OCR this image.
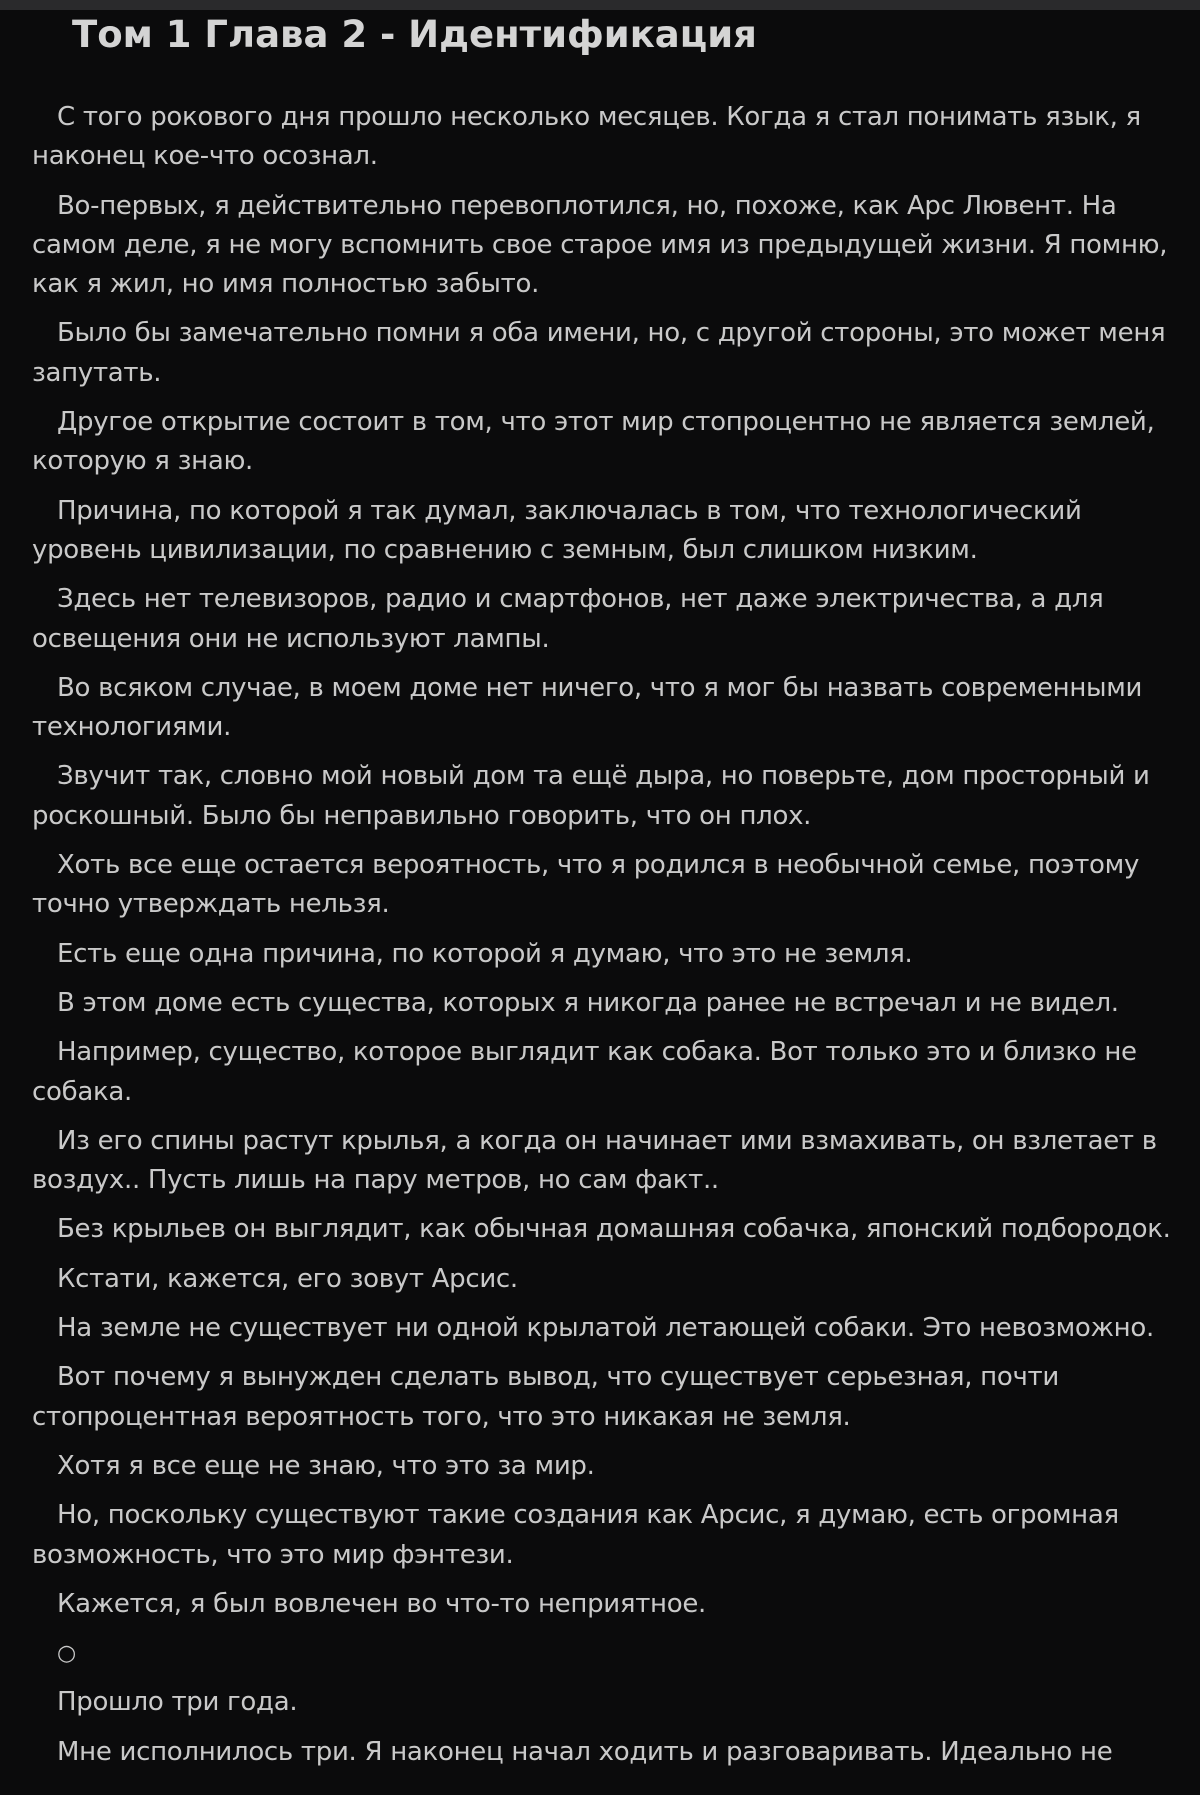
Том 1 Глава 2 - Идентификация

С того рокового дня прошло несколько месяцев. Когда я стал понимать язык, я наконец кое-что осознал.

Во-первых, я действительно перевоплотился, но, похоже, как Арс Лювент. На самом деле, я не могу вспомнить свое старое имя из предыдущей жизни. Я помню, как я жил, но имя полностью забыто.

Было бы замечательно помни я оба имени, но, с другой стороны, это может меня запутать.

Другое открытие состоит в том, что этот мир стопроцентно не является землей, которую я знаю.

Причина, по которой я так думал, заключалась в том, что технологический уровень цивилизации, по сравнению с земным, был слишком низким.

Здесь нет телевизоров, радио и смартфонов, нет даже электричества, а для освещения они не используют лампы.

Во всяком случае, в моем доме нет ничего, что я мог бы назвать современными технологиями.

Звучит так, словно мой новый дом та ещё дыра, но поверьте, дом просторный и роскошный. Было бы неправильно говорить, что он плох.

Хоть все еще остается вероятность, что я родился в необычной семье, поэтому точно утверждать нельзя.

Есть еще одна причина, по которой я думаю, что это не земля.

В этом доме есть существа, которых я никогда ранее не встречал и не видел.

Например, существо, которое выглядит как собака. Вот только это и близко не собака.

Из его спины растут крылья, а когда он начинает ими взмахивать, он взлетает в воздух.. Пусть лишь на пару метров, но сам факт..

Без крыльев он выглядит, как обычная домашняя собачка, японский подбородок.

Кстати, кажется, его зовут Арсис.

На земле не существует ни одной крылатой летающей собаки. Это невозможно.

Вот почему я вынужден сделать вывод, что существует серьезная, почти стопроцентная вероятность того, что это никакая не земля.

Хотя я все еще не знаю, что это за мир.

Но, поскольку существуют такие создания как Арсис, я думаю, есть огромная возможность, что это мир фэнтези.

Кажется, я был вовлечен во что-то неприятное.

○

Прошло три года.

Мне исполнилось три. Я наконец начал ходить и разговаривать. Идеально не
